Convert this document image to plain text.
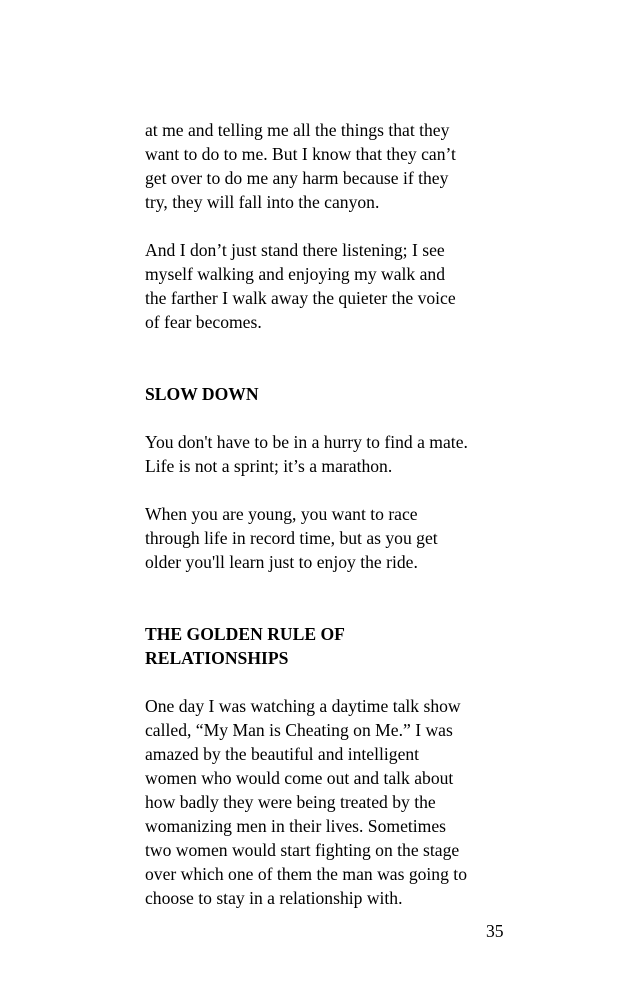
at me and telling me all the things that they
want to do to me. But I know that they can’t
get over to do me any harm because if they
try, they will fall into the canyon.
And I don’t just stand there listening; I see
myself walking and enjoying my walk and
the farther I walk away the quieter the voice
of fear becomes.
SLOW DOWN
You don't have to be in a hurry to find a mate.
Life is not a sprint; it’s a marathon.
When you are young, you want to race
through life in record time, but as you get
older you'll learn just to enjoy the ride.
THE GOLDEN RULE OF
RELATIONSHIPS
One day I was watching a daytime talk show
called, “My Man is Cheating on Me.” I was
amazed by the beautiful and intelligent
women who would come out and talk about
how badly they were being treated by the
womanizing men in their lives. Sometimes
two women would start fighting on the stage
over which one of them the man was going to
choose to stay in a relationship with.
35
